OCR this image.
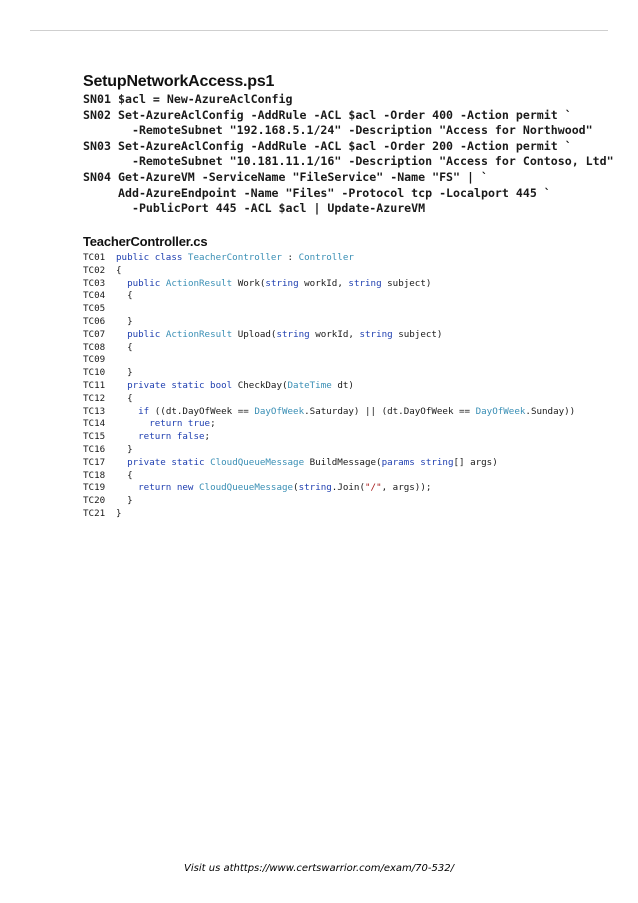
SetupNetworkAccess.ps1
SN01 $acl = New-AzureAclConfig
SN02 Set-AzureAclConfig -AddRule -ACL $acl -Order 400 -Action permit `
-RemoteSubnet "192.168.5.1/24" -Description "Access for Northwood"
SN03 Set-AzureAclConfig -AddRule -ACL $acl -Order 200 -Action permit `
-RemoteSubnet "10.181.11.1/16" -Description "Access for Contoso, Ltd"
SN04 Get-AzureVM -ServiceName "FileService" -Name "FS" | `
Add-AzureEndpoint -Name "Files" -Protocol tcp -Localport 445 `
-PublicPort 445 -ACL $acl | Update-AzureVM
TeacherController.cs
TC01 public class TeacherController : Controller
TC02 {
TC03 public ActionResult Work(string workId, string subject)
TC04  {
TC05
TC06  }
TC07 public ActionResult Upload(string workId, string subject)
TC08  {
TC09
TC10  }
TC11 private static bool CheckDay(DateTime dt)
TC12  {
TC13	if ((dt.DayOfWeek == DayOfWeek.Saturday) || (dt.DayOfWeek == DayOfWeek.Sunday))
TC14	return true;
TC15	return false;
TC16  }
TC17 private static CloudQueueMessage BuildMessage(params string[] args)
TC18  {
TC19	return new CloudQueueMessage(string.Join("/", args));
TC20  }
TC21 }
Visit us athttps://www.certswarrior.com/exam/70-532/
